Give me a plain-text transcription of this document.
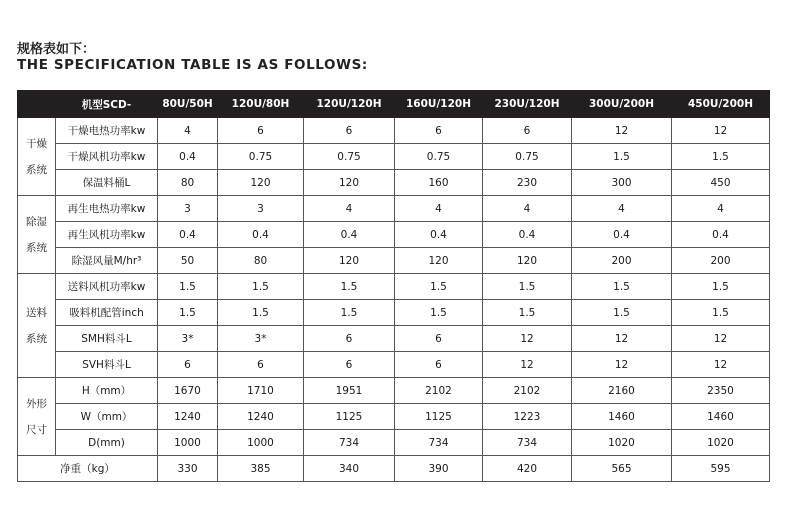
规格表如下：
THE SPECIFICATION TABLE IS AS FOLLOWS:
	机型SCD-	80U/50H	120U/80H	120U/120H	160U/120H	230U/120H	300U/200H	450U/200H

干燥
系统	干燥电热功率kw	4	6	6	6	6	12	12
	干燥风机功率kw	0.4	0.75	0.75	0.75	0.75	1.5	1.5
	保温料桶L	80	120	120	160	230	300	450

除湿
系统	再生电热功率kw	3	3	4	4	4	4	4
	再生风机功率kw	0.4	0.4	0.4	0.4	0.4	0.4	0.4
	除湿风量M/hr³	50	80	120	120	120	200	200

送料
系统	送料风机功率kw	1.5	1.5	1.5	1.5	1.5	1.5	1.5
	吸料机配管inch	1.5	1.5	1.5	1.5	1.5	1.5	1.5
	SMH料斗L	3*	3*	6	6	12	12	12
	SVH料斗L	6	6	6	6	12	12	12

外形
尺寸	H（mm）	1670	1710	1951	2102	2102	2160	2350
	W（mm）	1240	1240	1125	1125	1223	1460	1460
	D(mm)	1000	1000	734	734	734	1020	1020
净重（kg）		330	385	340	390	420	565	595
